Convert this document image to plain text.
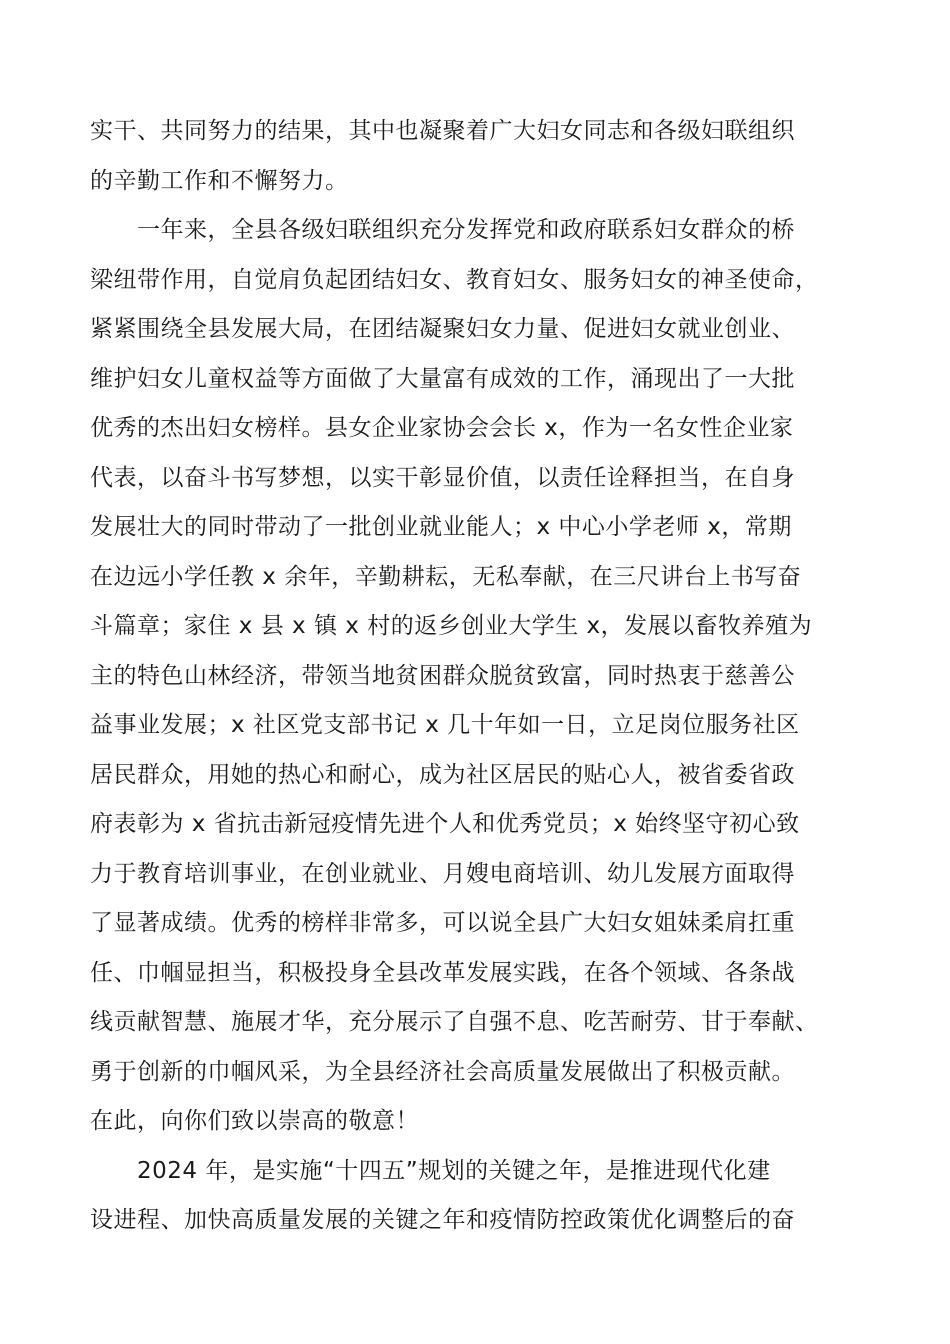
实干、共同努力的结果，其中也凝聚着广大妇女同志和各级妇联组织
的辛勤工作和不懈努力。
　　一年来，全县各级妇联组织充分发挥党和政府联系妇女群众的桥
梁纽带作用，自觉肩负起团结妇女、教育妇女、服务妇女的神圣使命，
紧紧围绕全县发展大局，在团结凝聚妇女力量、促进妇女就业创业、
维护妇女儿童权益等方面做了大量富有成效的工作，涌现出了一大批
优秀的杰出妇女榜样。县女企业家协会会长 x，作为一名女性企业家
代表，以奋斗书写梦想，以实干彰显价值，以责任诠释担当，在自身
发展壮大的同时带动了一批创业就业能人；x 中心小学老师 x，常期
在边远小学任教 x 余年，辛勤耕耘，无私奉献，在三尺讲台上书写奋
斗篇章；家住 x 县 x 镇 x 村的返乡创业大学生 x，发展以畜牧养殖为
主的特色山林经济，带领当地贫困群众脱贫致富，同时热衷于慈善公
益事业发展；x 社区党支部书记 x 几十年如一日，立足岗位服务社区
居民群众，用她的热心和耐心，成为社区居民的贴心人，被省委省政
府表彰为 x 省抗击新冠疫情先进个人和优秀党员；x 始终坚守初心致
力于教育培训事业，在创业就业、月嫂电商培训、幼儿发展方面取得
了显著成绩。优秀的榜样非常多，可以说全县广大妇女姐妹柔肩扛重
任、巾帼显担当，积极投身全县改革发展实践，在各个领域、各条战
线贡献智慧、施展才华，充分展示了自强不息、吃苦耐劳、甘于奉献、
勇于创新的巾帼风采，为全县经济社会高质量发展做出了积极贡献。
在此，向你们致以崇高的敬意！
　　2024 年，是实施“十四五”规划的关键之年，是推进现代化建
设进程、加快高质量发展的关键之年和疫情防控政策优化调整后的奋
